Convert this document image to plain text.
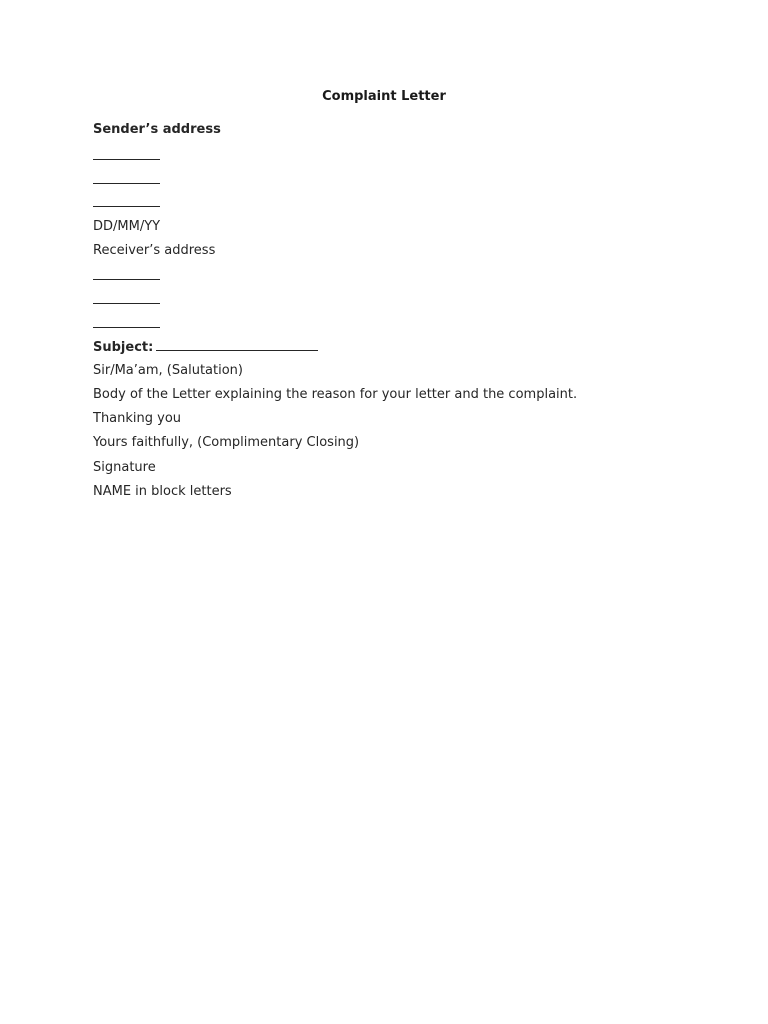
Complaint Letter
Sender’s address
DD/MM/YY
Receiver’s address
Subject:
Sir/Ma’am, (Salutation)
Body of the Letter explaining the reason for your letter and the complaint.
Thanking you
Yours faithfully, (Complimentary Closing)
Signature
NAME in block letters
